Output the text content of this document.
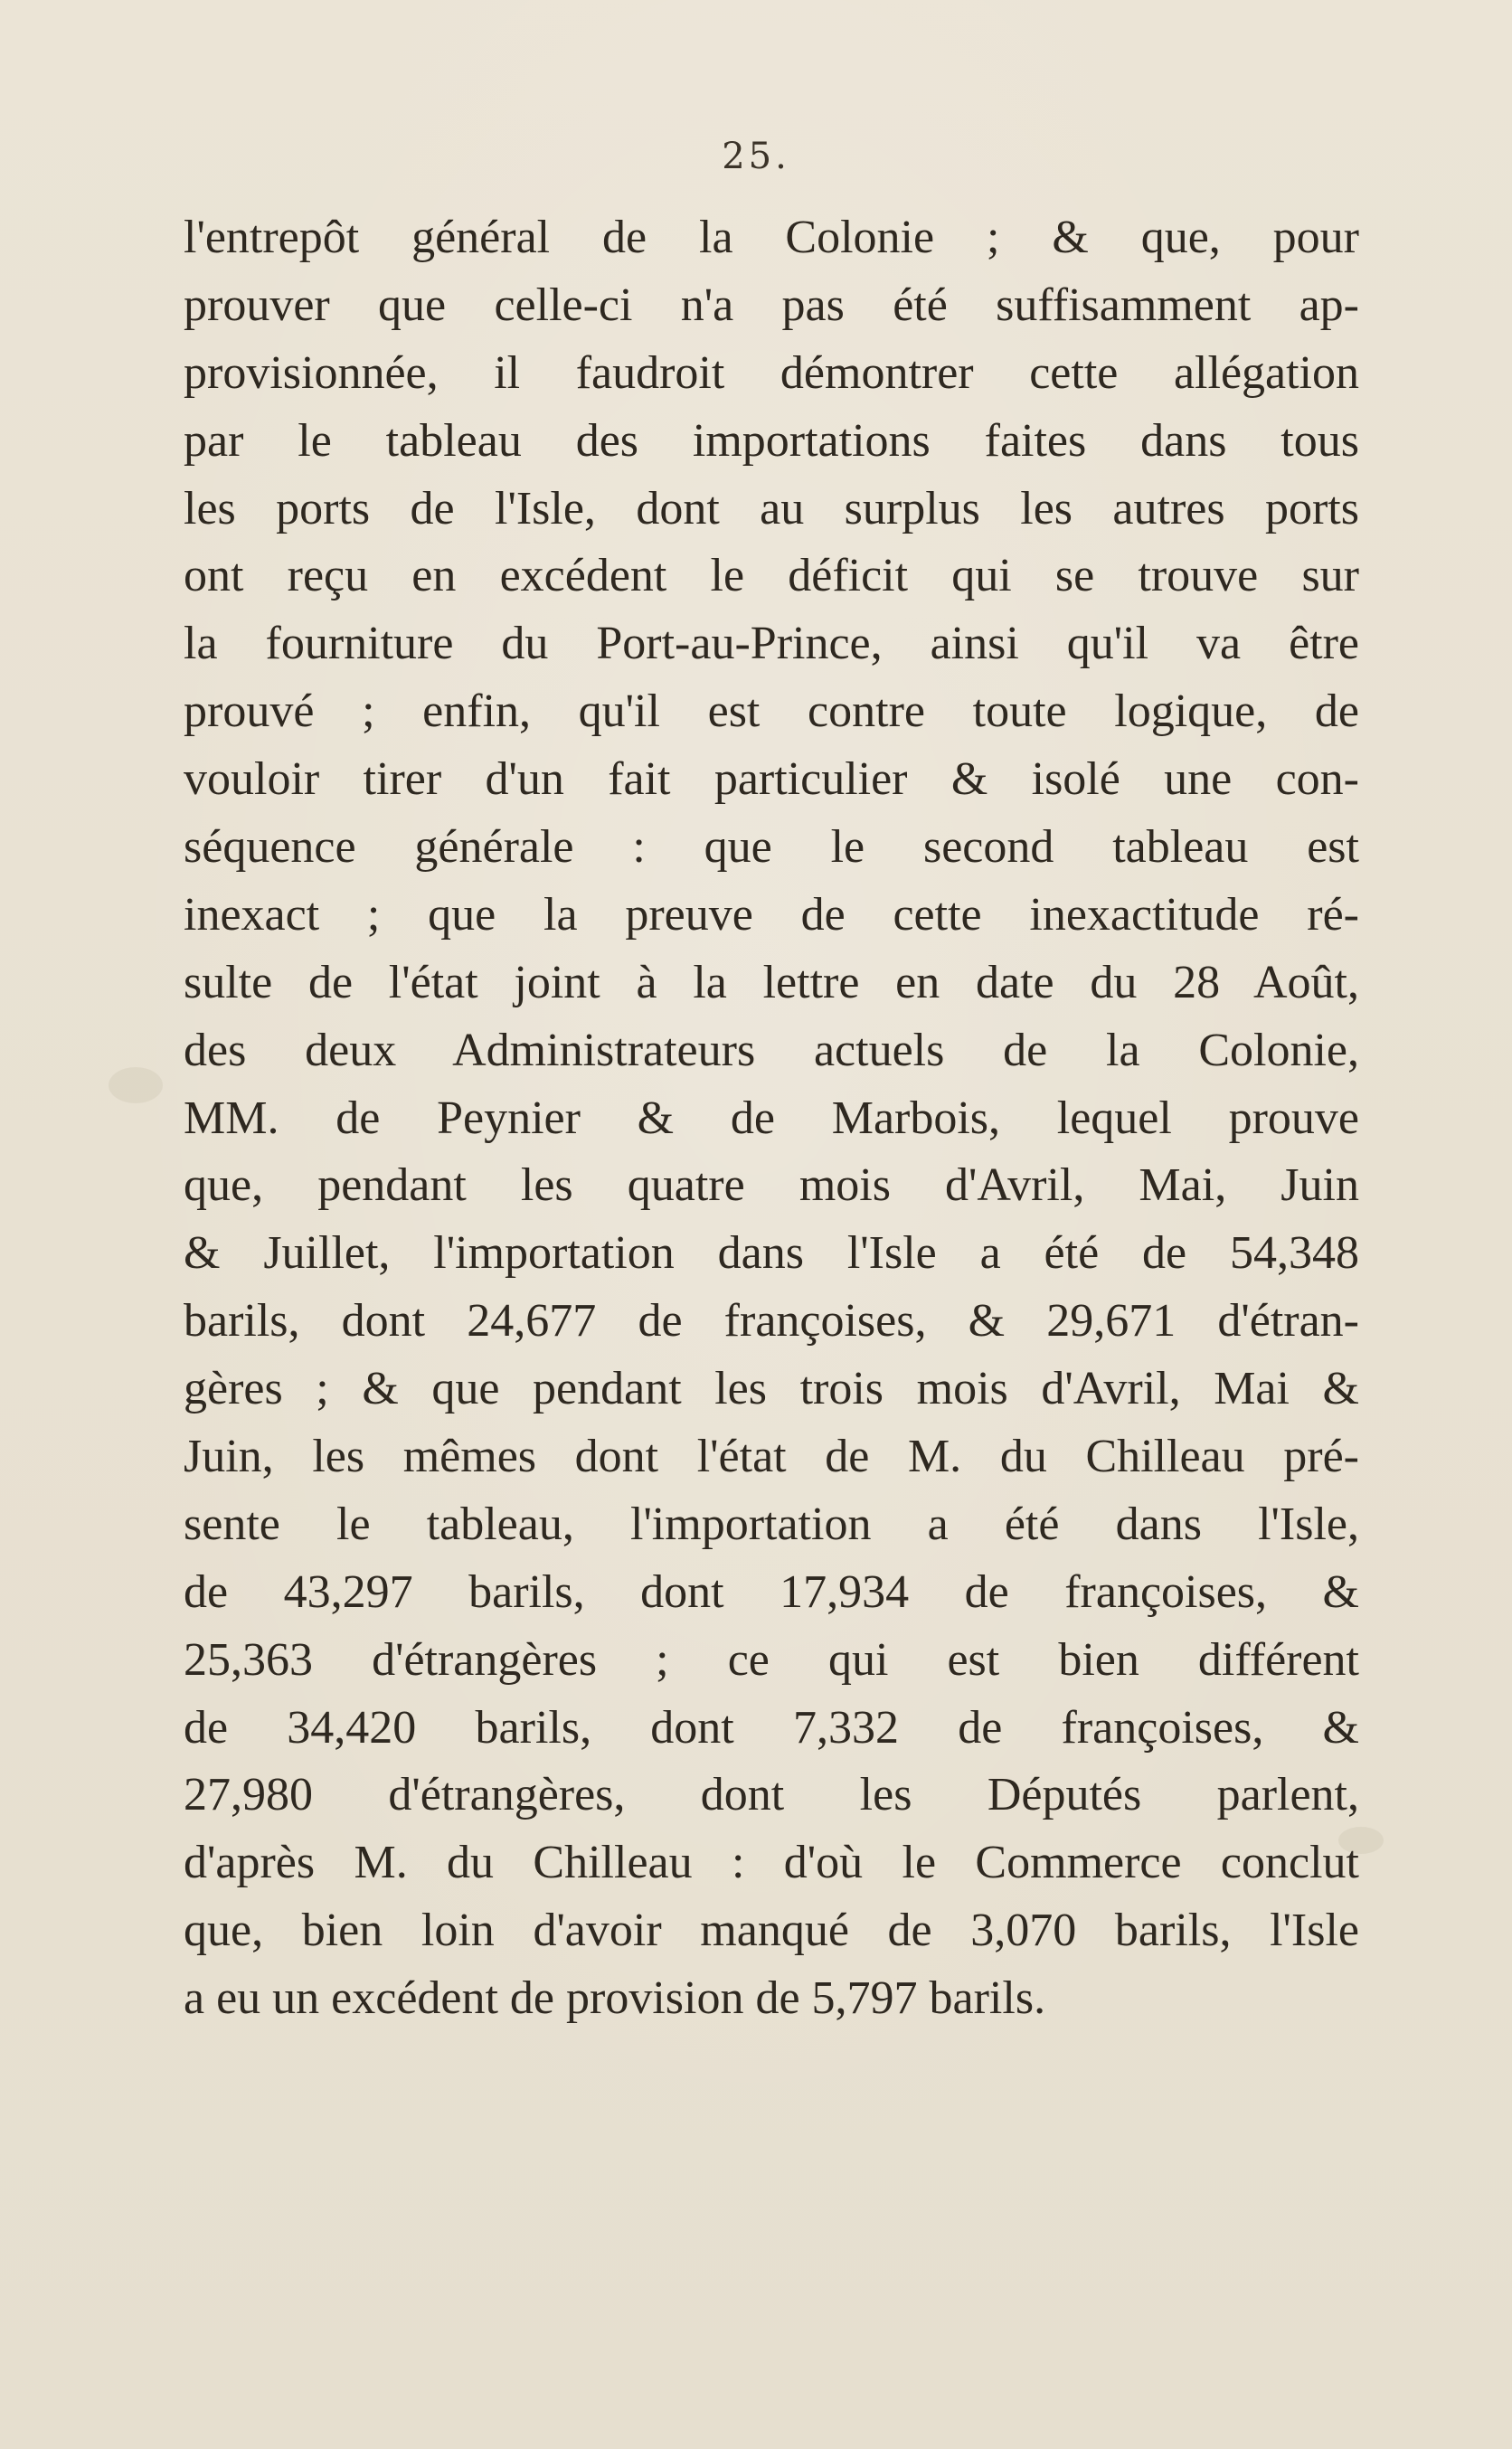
25.
l'entrepôt général de la Colonie ; & que, pour
prouver que celle-ci n'a pas été suffisamment ap-
provisionnée, il faudroit démontrer cette allégation
par le tableau des importations faites dans tous
les ports de l'Isle, dont au surplus les autres ports
ont reçu en excédent le déficit qui se trouve sur
la fourniture du Port-au-Prince, ainsi qu'il va être
prouvé ; enfin, qu'il est contre toute logique, de
vouloir tirer d'un fait particulier & isolé une con-
séquence générale : que le second tableau est
inexact ; que la preuve de cette inexactitude ré-
sulte de l'état joint à la lettre en date du 28 Août,
des deux Administrateurs actuels de la Colonie,
MM. de Peynier & de Marbois, lequel prouve
que, pendant les quatre mois d'Avril, Mai, Juin
& Juillet, l'importation dans l'Isle a été de 54,348
barils, dont 24,677 de françoises, & 29,671 d'étran-
gères ; & que pendant les trois mois d'Avril, Mai &
Juin, les mêmes dont l'état de M. du Chilleau pré-
sente le tableau, l'importation a été dans l'Isle,
de 43,297 barils, dont 17,934 de françoises, &
25,363 d'étrangères ; ce qui est bien différent
de 34,420 barils, dont 7,332 de françoises, &
27,980 d'étrangères, dont les Députés parlent,
d'après M. du Chilleau : d'où le Commerce conclut
que, bien loin d'avoir manqué de 3,070 barils, l'Isle
a eu un excédent de provision de 5,797 barils.
